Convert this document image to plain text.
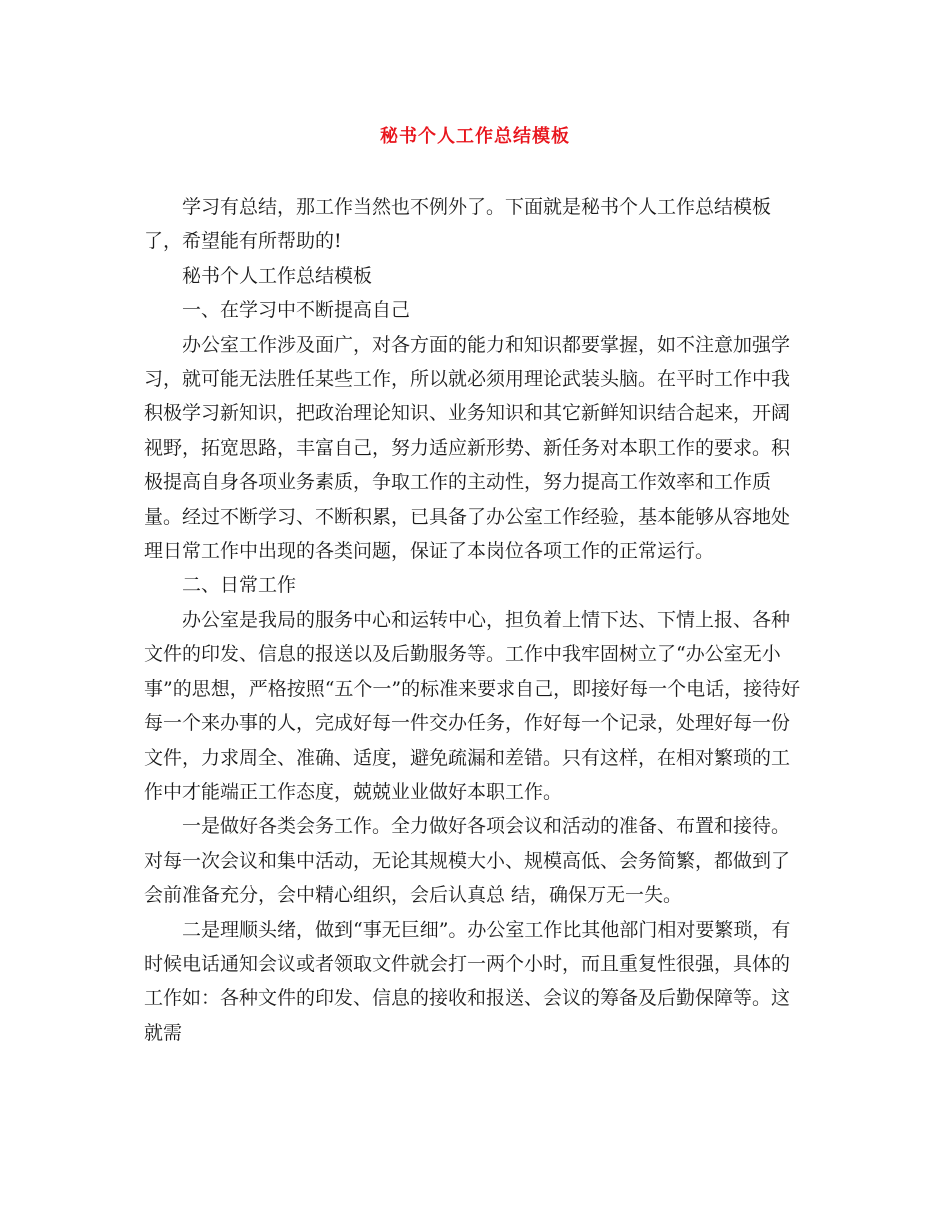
秘书个人工作总结模板

学习有总结，那工作当然也不例外了。下面就是秘书个人工作总结模板了，希望能有所帮助的!

秘书个人工作总结模板

一、在学习中不断提高自己

办公室工作涉及面广，对各方面的能力和知识都要掌握，如不注意加强学习，就可能无法胜任某些工作，所以就必须用理论武装头脑。在平时工作中我积极学习新知识，把政治理论知识、业务知识和其它新鲜知识结合起来，开阔视野，拓宽思路，丰富自己，努力适应新形势、新任务对本职工作的要求。积极提高自身各项业务素质，争取工作的主动性，努力提高工作效率和工作质量。经过不断学习、不断积累，已具备了办公室工作经验，基本能够从容地处理日常工作中出现的各类问题，保证了本岗位各项工作的正常运行。

二、日常工作

办公室是我局的服务中心和运转中心，担负着上情下达、下情上报、各种文件的印发、信息的报送以及后勤服务等。工作中我牢固树立了“办公室无小事”的思想，严格按照“五个一”的标准来要求自己，即接好每一个电话，接待好每一个来办事的人，完成好每一件交办任务，作好每一个记录，处理好每一份文件，力求周全、准确、适度，避免疏漏和差错。只有这样，在相对繁琐的工作中才能端正工作态度，兢兢业业做好本职工作。

一是做好各类会务工作。全力做好各项会议和活动的准备、布置和接待。对每一次会议和集中活动，无论其规模大小、规模高低、会务简繁，都做到了会前准备充分，会中精心组织，会后认真总 结，确保万无一失。

二是理顺头绪，做到“事无巨细”。办公室工作比其他部门相对要繁琐，有时候电话通知会议或者领取文件就会打一两个小时，而且重复性很强，具体的工作如：各种文件的印发、信息的接收和报送、会议的筹备及后勤保障等。这就需
